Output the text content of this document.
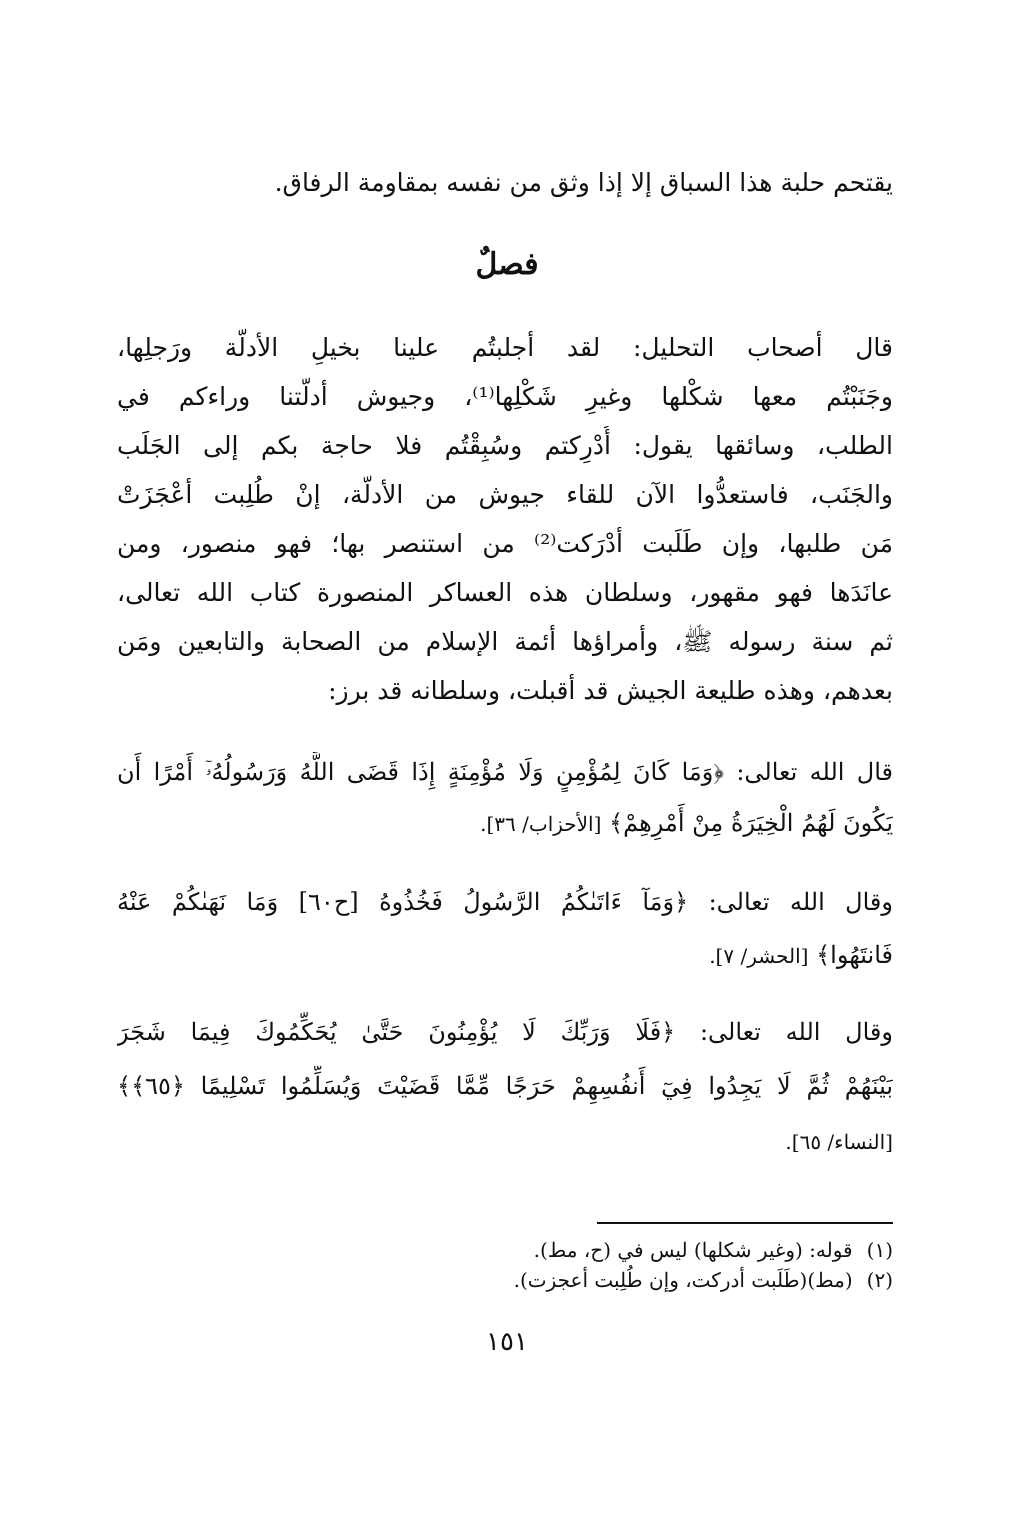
يقتحم حلبة هذا السباق إلا إذا وثق من نفسه بمقاومة الرفاق.
فصلٌ
قال أصحاب التحليل: لقد أجلبتُم علينا بخيلِ الأدلَّة ورَجلِها،
وجَنَبْتُم معها شكْلها وغيرِ شَكْلِها⁽¹⁾، وجيوش أدلَّتنا وراءكم في
الطلب، وسائقها يقول: أُدْرِكتم وسُبِقْتُم فلا حاجة بكم إلى الجَلَب
والجَنَب، فاستعدُّوا الآن للقاء جيوش من الأدلَّة، إنْ طُلِبت أعْجَزَتْ
مَن طلبها، وإن طَلَبت أدْرَكت⁽²⁾ من استنصر بها؛ فهو منصور، ومن
عانَدَها فهو مقهور، وسلطان هذه العساكر المنصورة كتاب الله تعالى،
ثم سنة رسوله ﷺ، وأمراؤها أئمة الإسلام من الصحابة والتابعين ومَن
بعدهم، وهذه طليعة الجيش قد أقبلت، وسلطانه قد برز:
قال الله تعالى: ﴿وَمَا كَانَ لِمُؤْمِنٍ وَلَا مُؤْمِنَةٍ إِذَا قَضَى اللَّهُ وَرَسُولُهُۥٓ أَمْرًا أَن
يَكُونَ لَهُمُ الْخِيَرَةُ مِنْ أَمْرِهِمْ﴾ [الأحزاب/ ٣٦].
وقال الله تعالى: ﴿وَمَآ ءَاتَىٰكُمُ الرَّسُولُ فَخُذُوهُ [ح٦٠] وَمَا نَهَىٰكُمْ عَنْهُ
فَانتَهُوا﴾ [الحشر/ ٧].
وقال الله تعالى: ﴿فَلَا وَرَبِّكَ لَا يُؤْمِنُونَ حَتَّىٰ يُحَكِّمُوكَ فِيمَا شَجَرَ
بَيْنَهُمْ ثُمَّ لَا يَجِدُوا فِيٓ أَنفُسِهِمْ حَرَجًا مِّمَّا قَضَيْتَ وَيُسَلِّمُوا تَسْلِيمًا ﴿٦٥﴾﴾
[النساء/ ٦٥].
(١)قوله: (وغير شكلها) ليس في (ح، مط).
(٢)(مط)(طَلَبت أدركت، وإن طُلِبت أعجزت).
١٥١
